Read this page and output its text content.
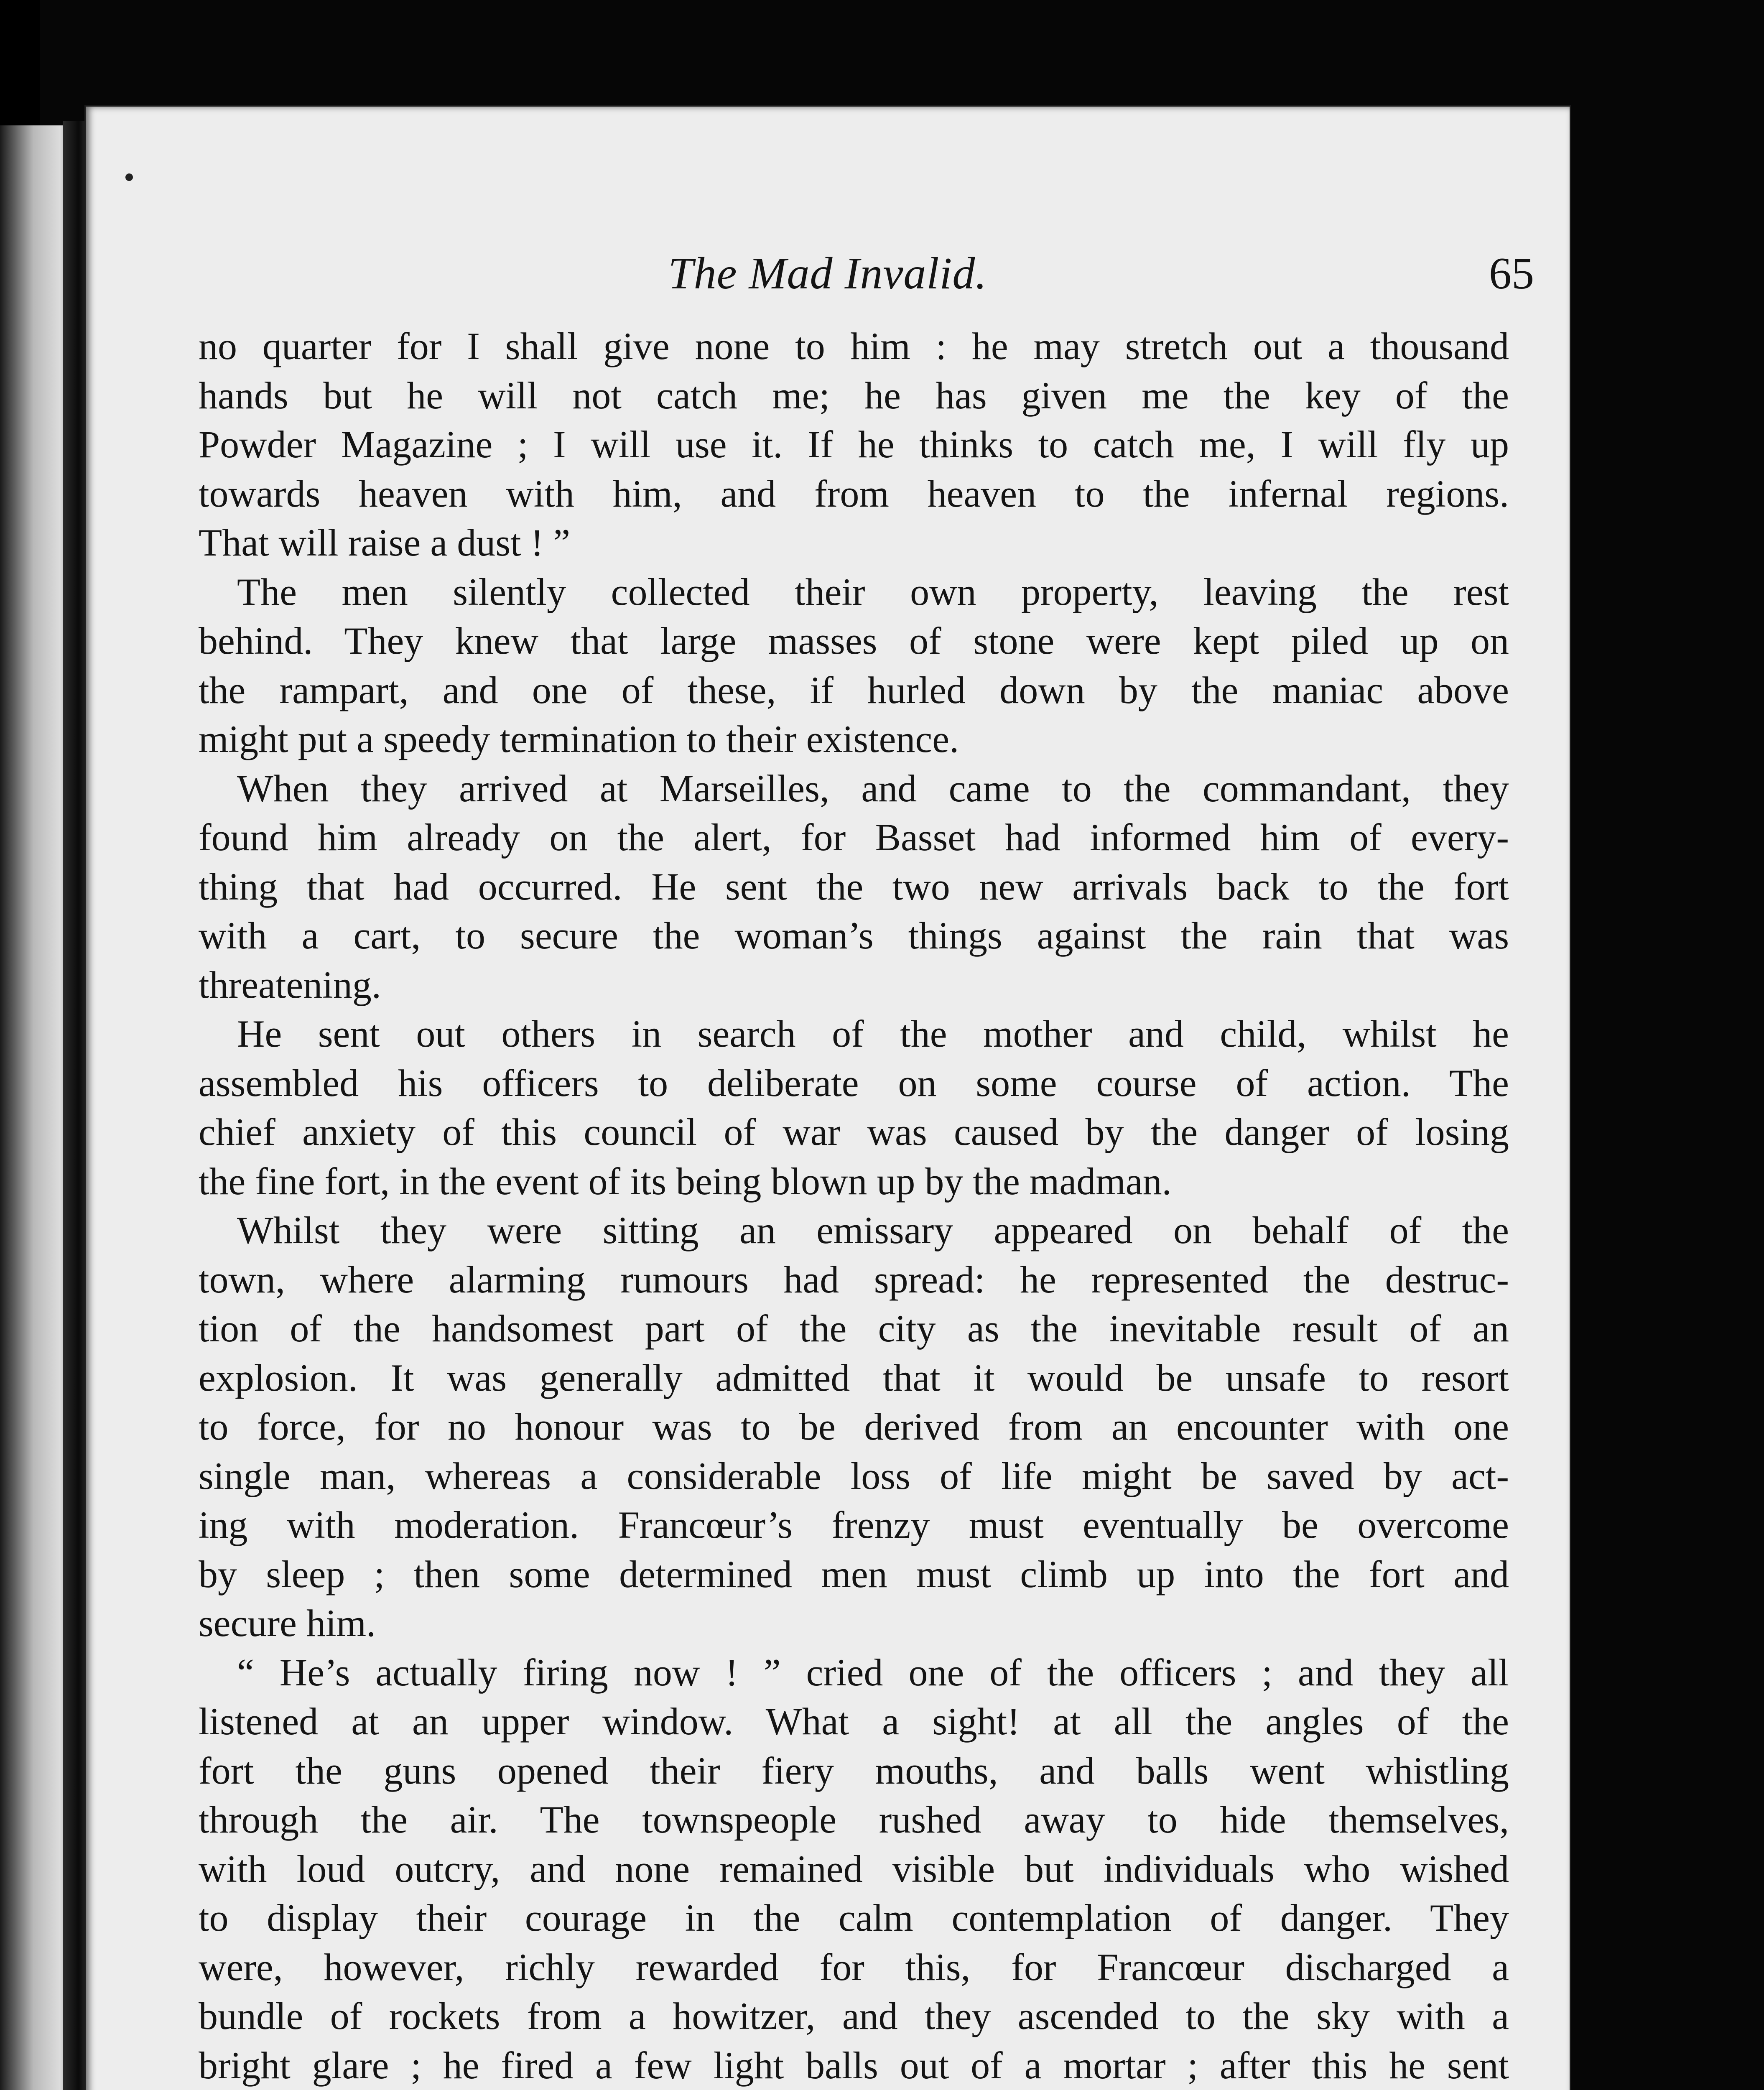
The Mad Invalid.	65
no quarter for I shall give none to him : he may stretch out a thousand
hands but he will not catch me; he has given me the key of the
Powder Magazine ; I will use it. If he thinks to catch me, I will fly up
towards heaven with him, and from heaven to the infernal regions.
That will raise a dust ! ”
The men silently collected their own property, leaving the rest
behind. They knew that large masses of stone were kept piled up on
the rampart, and one of these, if hurled down by the maniac above
might put a speedy termination to their existence.
When they arrived at Marseilles, and came to the commandant, they
found him already on the alert, for Basset had informed him of every-
thing that had occurred. He sent the two new arrivals back to the fort
with a cart, to secure the woman’s things against the rain that was
threatening.
He sent out others in search of the mother and child, whilst he
assembled his officers to deliberate on some course of action. The
chief anxiety of this council of war was caused by the danger of losing
the fine fort, in the event of its being blown up by the madman.
Whilst they were sitting an emissary appeared on behalf of the
town, where alarming rumours had spread: he represented the destruc-
tion of the handsomest part of the city as the inevitable result of an
explosion. It was generally admitted that it would be unsafe to resort
to force, for no honour was to be derived from an encounter with one
single man, whereas a considerable loss of life might be saved by act-
ing with moderation. Francœur’s frenzy must eventually be overcome
by sleep ; then some determined men must climb up into the fort and
secure him.
“ He’s actually firing now ! ” cried one of the officers ; and they all
listened at an upper window. What a sight! at all the angles of the
fort the guns opened their fiery mouths, and balls went whistling
through the air. The townspeople rushed away to hide themselves,
with loud outcry, and none remained visible but individuals who wished
to display their courage in the calm contemplation of danger. They
were, however, richly rewarded for this, for Francœur discharged a
bundle of rockets from a howitzer, and they ascended to the sky with a
bright glare ; he fired a few light balls out of a mortar ; after this he sent
